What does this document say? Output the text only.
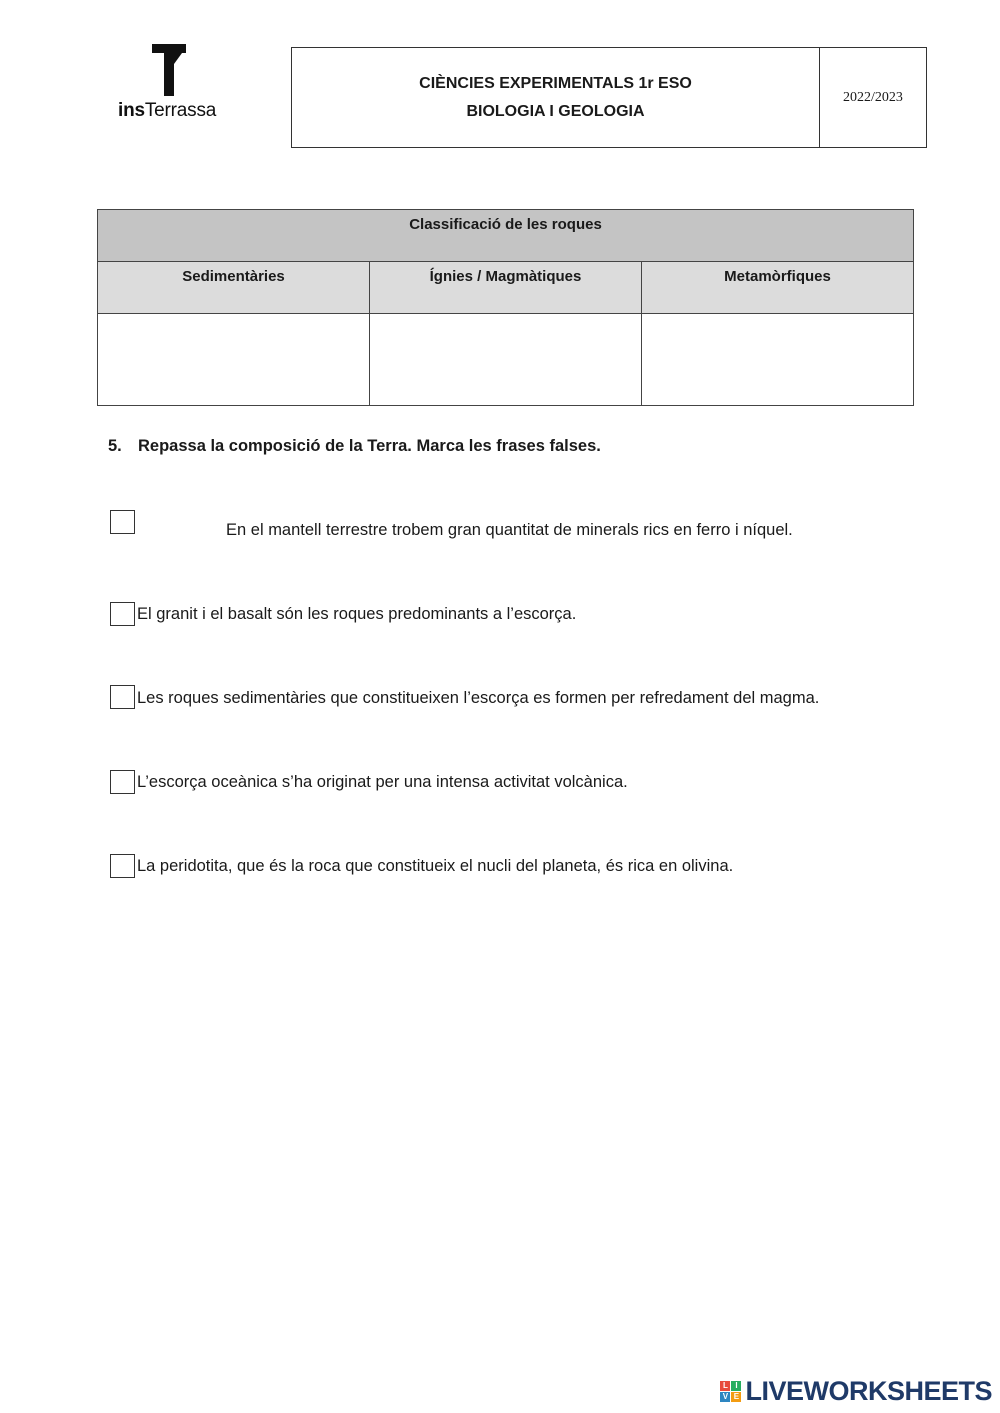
insTerrassa
CIÈNCIES EXPERIMENTALS 1r ESO
BIOLOGIA I GEOLOGIA
2022/2023
Classificació de les roques		
Sedimentàries	Ígnies / Magmàtiques	Metamòrfiques

5. Repassa la composició de la Terra. Marca les frases falses.
En el mantell terrestre trobem gran quantitat de minerals rics en ferro i níquel.
El granit i el basalt són les roques predominants a l’escorça.
Les roques sedimentàries que constitueixen l’escorça es formen per refredament del magma.
L’escorça oceànica s’ha originat per una intensa activitat volcànica.
La peridotita, que és la roca que constitueix el nucli del planeta, és rica en olivina.
L I
V E LIVEWORKSHEETS
